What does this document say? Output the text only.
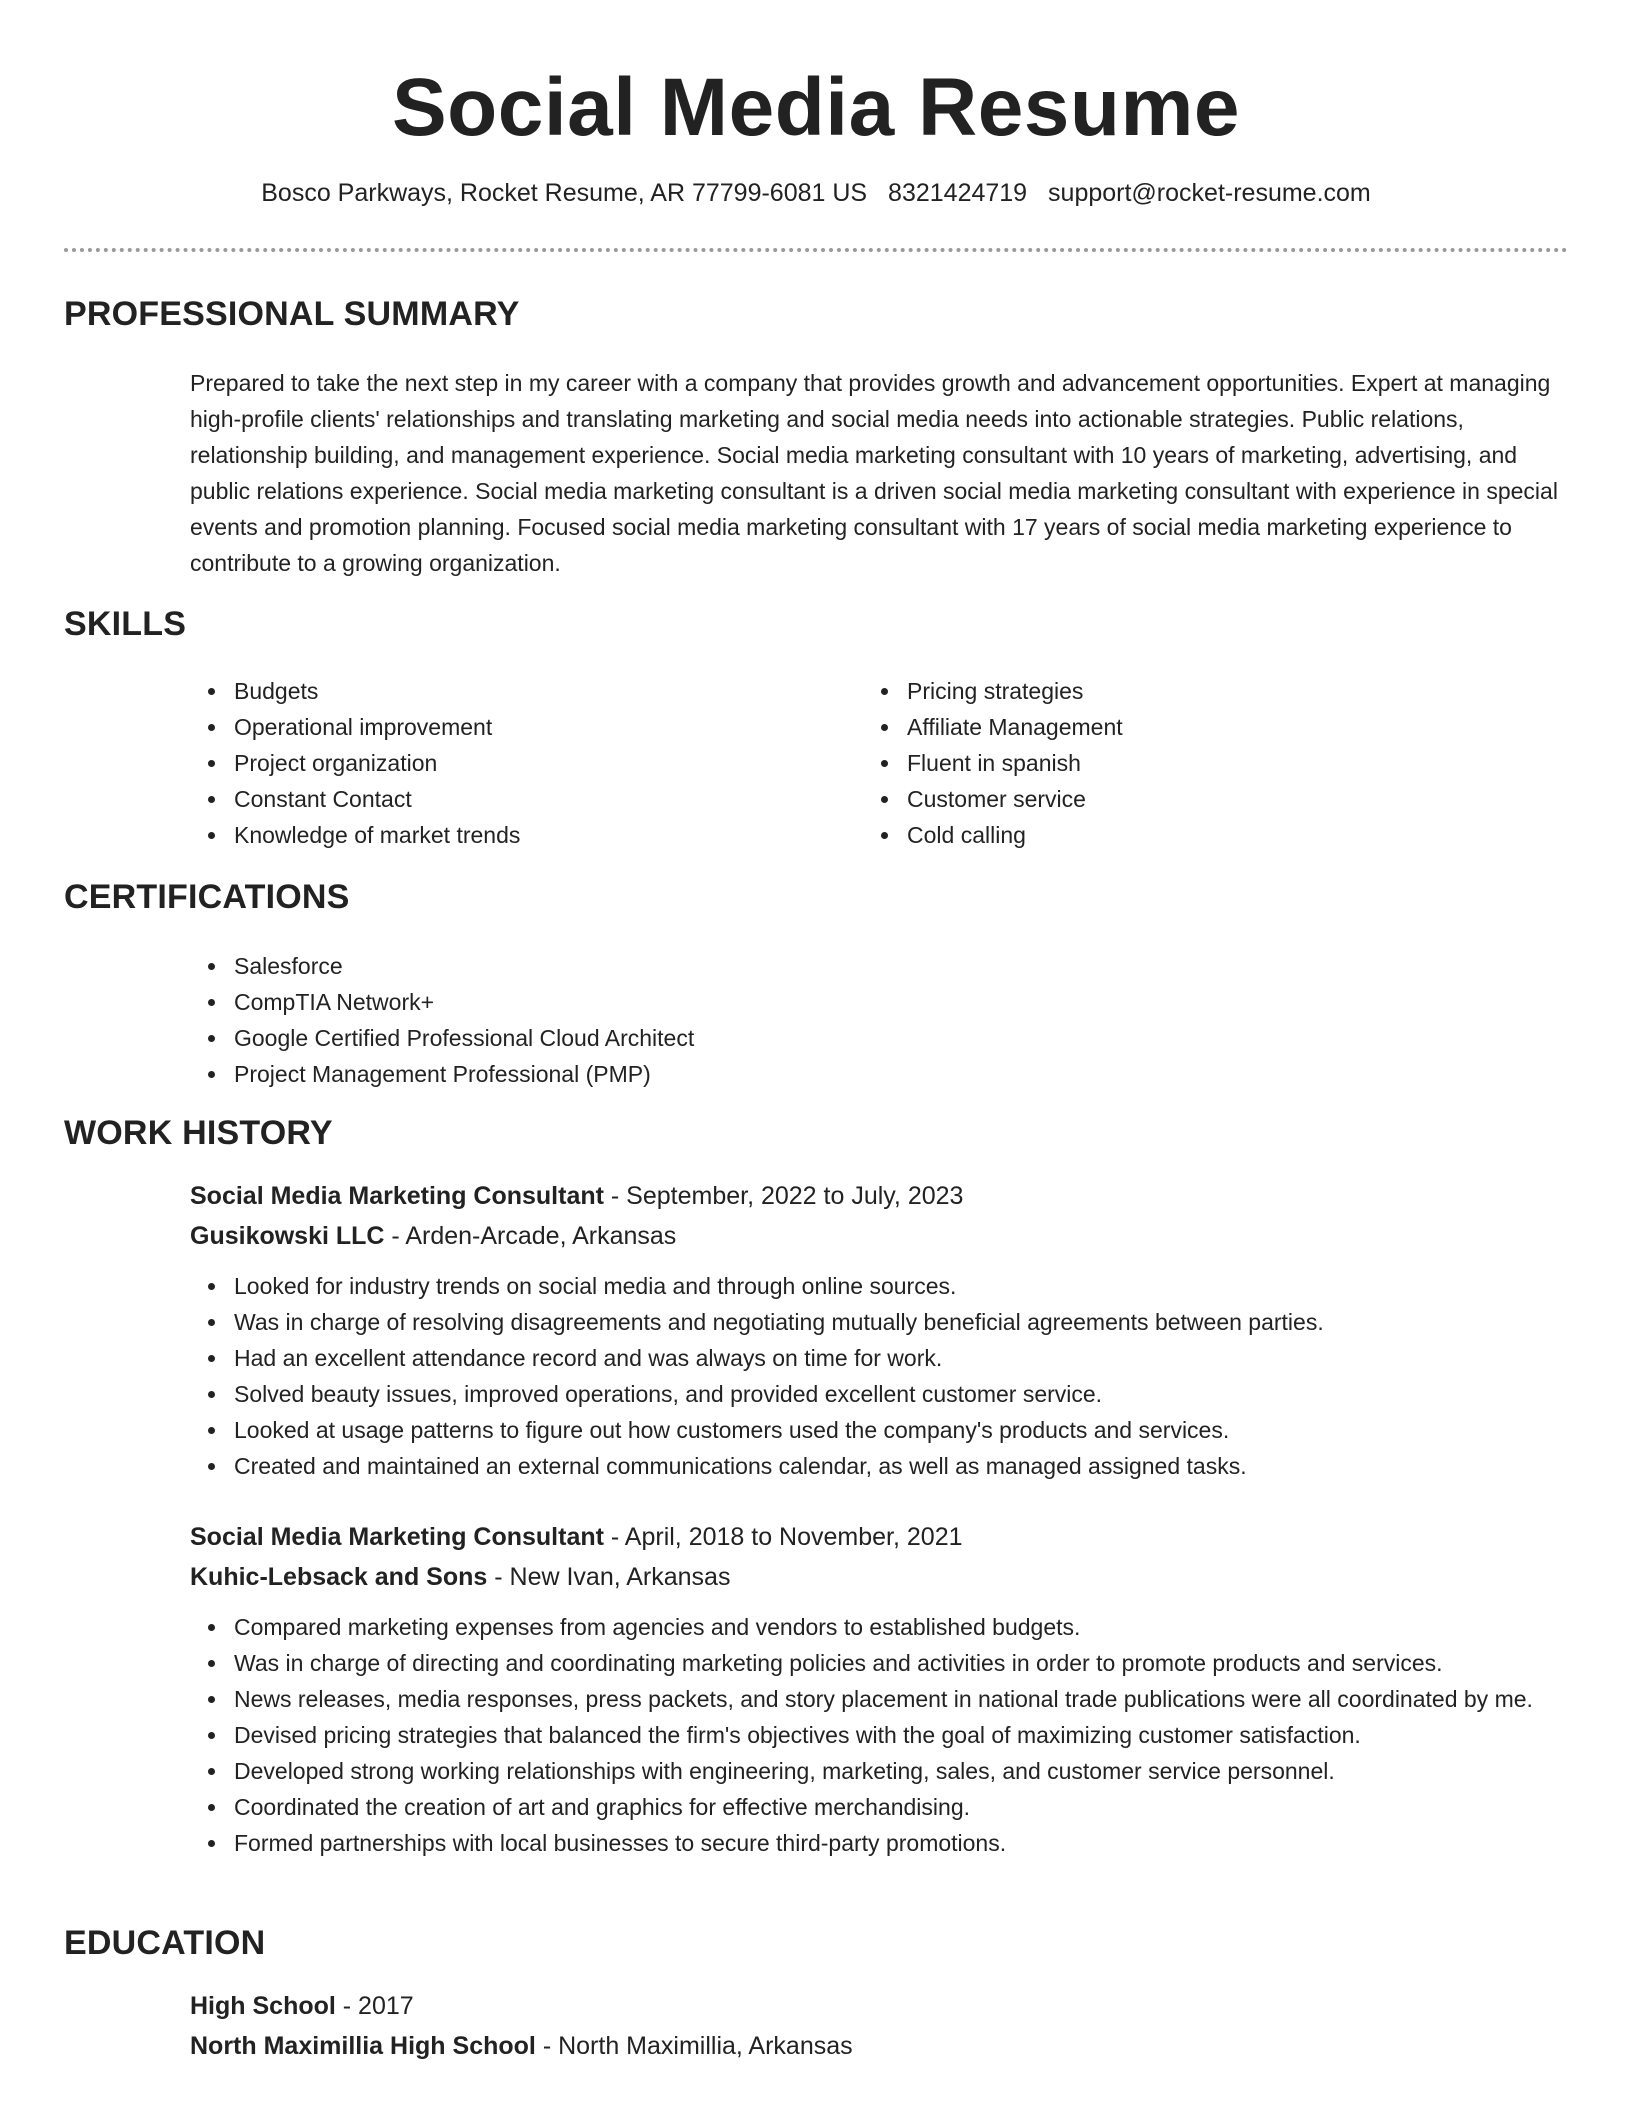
Social Media Resume
Bosco Parkways, Rocket Resume, AR 77799-6081 US 8321424719 support@rocket-resume.com
PROFESSIONAL SUMMARY

Prepared to take the next step in my career with a company that provides growth and advancement opportunities. Expert at managing high-profile clients' relationships and translating marketing and social media needs into actionable strategies. Public relations, relationship building, and management experience. Social media marketing consultant with 10 years of marketing, advertising, and public relations experience. Social media marketing consultant is a driven social media marketing consultant with experience in special events and promotion planning. Focused social media marketing consultant with 17 years of social media marketing experience to contribute to a growing organization.

SKILLS
Budgets
Operational improvement
Project organization
Constant Contact
Knowledge of market trends
Pricing strategies
Affiliate Management
Fluent in spanish
Customer service
Cold calling
CERTIFICATIONS
Salesforce
CompTIA Network+
Google Certified Professional Cloud Architect
Project Management Professional (PMP)
WORK HISTORY
Social Media Marketing Consultant - September, 2022 to July, 2023
Gusikowski LLC - Arden-Arcade, Arkansas
Looked for industry trends on social media and through online sources.
Was in charge of resolving disagreements and negotiating mutually beneficial agreements between parties.
Had an excellent attendance record and was always on time for work.
Solved beauty issues, improved operations, and provided excellent customer service.
Looked at usage patterns to figure out how customers used the company's products and services.
Created and maintained an external communications calendar, as well as managed assigned tasks.
Social Media Marketing Consultant - April, 2018 to November, 2021
Kuhic-Lebsack and Sons - New Ivan, Arkansas
Compared marketing expenses from agencies and vendors to established budgets.
Was in charge of directing and coordinating marketing policies and activities in order to promote products and services.
News releases, media responses, press packets, and story placement in national trade publications were all coordinated by me.
Devised pricing strategies that balanced the firm's objectives with the goal of maximizing customer satisfaction.
Developed strong working relationships with engineering, marketing, sales, and customer service personnel.
Coordinated the creation of art and graphics for effective merchandising.
Formed partnerships with local businesses to secure third-party promotions.
EDUCATION
High School - 2017
North Maximillia High School - North Maximillia, Arkansas
